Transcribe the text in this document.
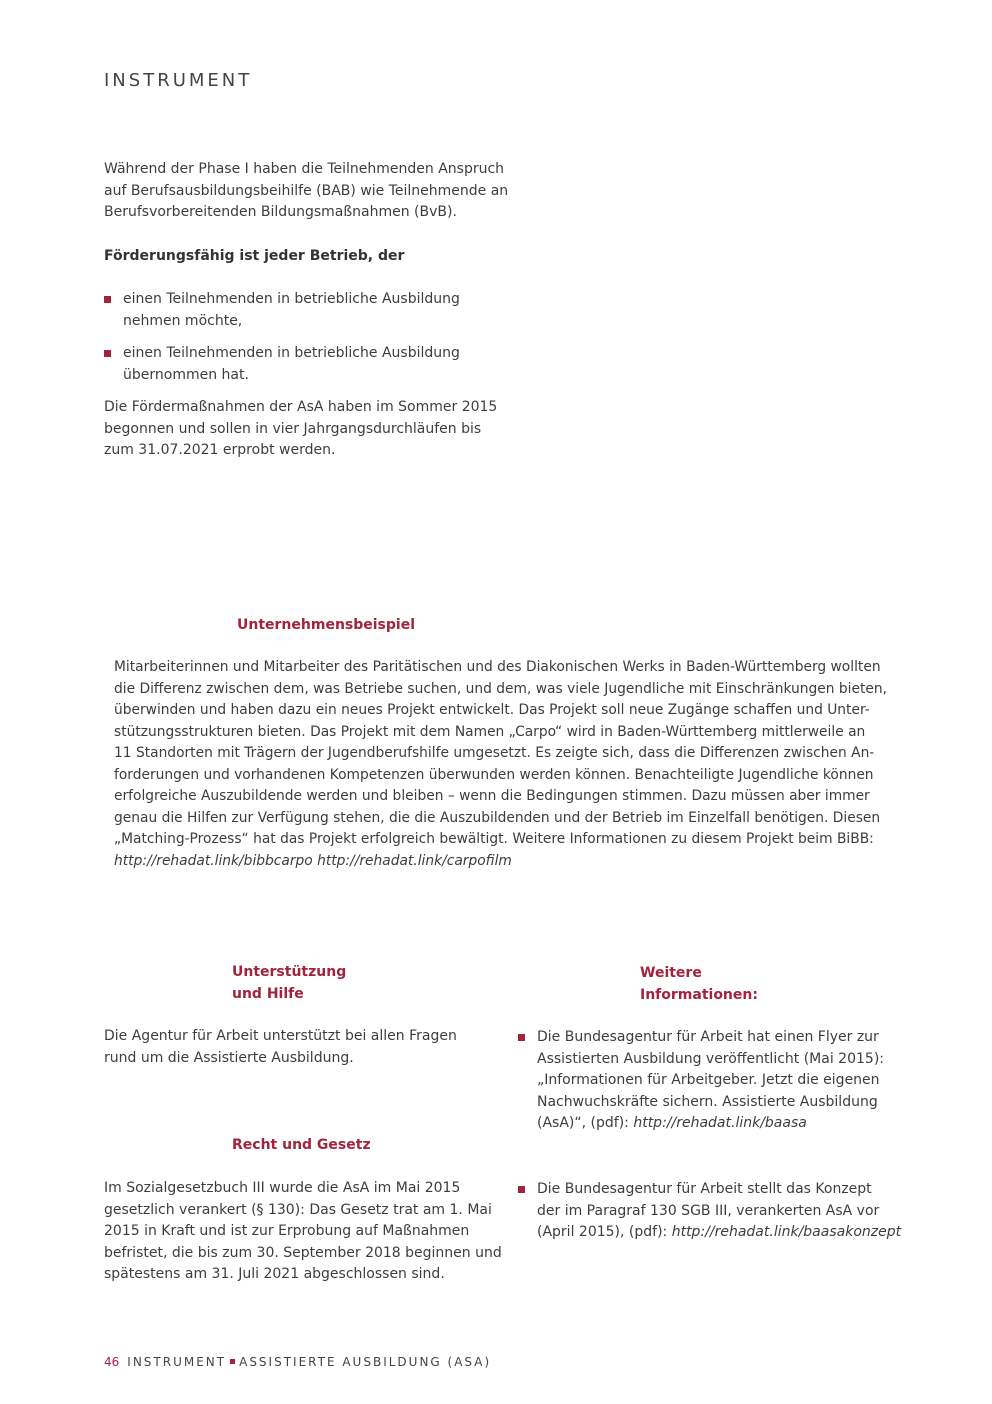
INSTRUMENT
Während der Phase I haben die Teilnehmenden Anspruch
auf Berufsausbildungsbeihilfe (BAB) wie Teilnehmende an
Berufsvorbereitenden Bildungsmaßnahmen (BvB).
Förderungsfähig ist jeder Betrieb, der
einen Teilnehmenden in betriebliche Ausbildung
nehmen möchte,
einen Teilnehmenden in betriebliche Ausbildung
übernommen hat.
Die Fördermaßnahmen der AsA haben im Sommer 2015
begonnen und sollen in vier Jahrgangsdurchläufen bis
zum 31.07.2021 erprobt werden.
Unternehmensbeispiel
Mitarbeiterinnen und Mitarbeiter des Paritätischen und des Diakonischen Werks in Baden-Württemberg wollten
die Differenz zwischen dem, was Betriebe suchen, und dem, was viele Jugendliche mit Einschränkungen bieten,
überwinden und haben dazu ein neues Projekt entwickelt. Das Projekt soll neue Zugänge schaffen und Unter-
stützungsstrukturen bieten. Das Projekt mit dem Namen „Carpo“ wird in Baden-Württemberg mittlerweile an
11 Standorten mit Trägern der Jugendberufshilfe umgesetzt. Es zeigte sich, dass die Differenzen zwischen An-
forderungen und vorhandenen Kompetenzen überwunden werden können. Benachteiligte Jugendliche können
erfolgreiche Auszubildende werden und bleiben – wenn die Bedingungen stimmen. Dazu müssen aber immer
genau die Hilfen zur Verfügung stehen, die die Auszubildenden und der Betrieb im Einzelfall benötigen. Diesen
„Matching-Prozess“ hat das Projekt erfolgreich bewältigt. Weitere Informationen zu diesem Projekt beim BiBB:
http://rehadat.link/bibbcarpo http://rehadat.link/carpofilm
Unterstützung
und Hilfe
Die Agentur für Arbeit unterstützt bei allen Fragen
rund um die Assistierte Ausbildung.
Recht und Gesetz
Im Sozialgesetzbuch III wurde die AsA im Mai 2015
gesetzlich verankert (§ 130): Das Gesetz trat am 1. Mai
2015 in Kraft und ist zur Erprobung auf Maßnahmen
befristet, die bis zum 30. September 2018 beginnen und
spätestens am 31. Juli 2021 abgeschlossen sind.
Weitere
Informationen:
Die Bundesagentur für Arbeit hat einen Flyer zur
Assistierten Ausbildung veröffentlicht (Mai 2015):
„Informationen für Arbeitgeber. Jetzt die eigenen
Nachwuchskräfte sichern. Assistierte Ausbildung
(AsA)“, (pdf): http://rehadat.link/baasa
Die Bundesagentur für Arbeit stellt das Konzept
der im Paragraf 130 SGB III, verankerten AsA vor
(April 2015), (pdf): http://rehadat.link/baasakonzept
46 INSTRUMENT ASSISTIERTE AUSBILDUNG (ASA)
